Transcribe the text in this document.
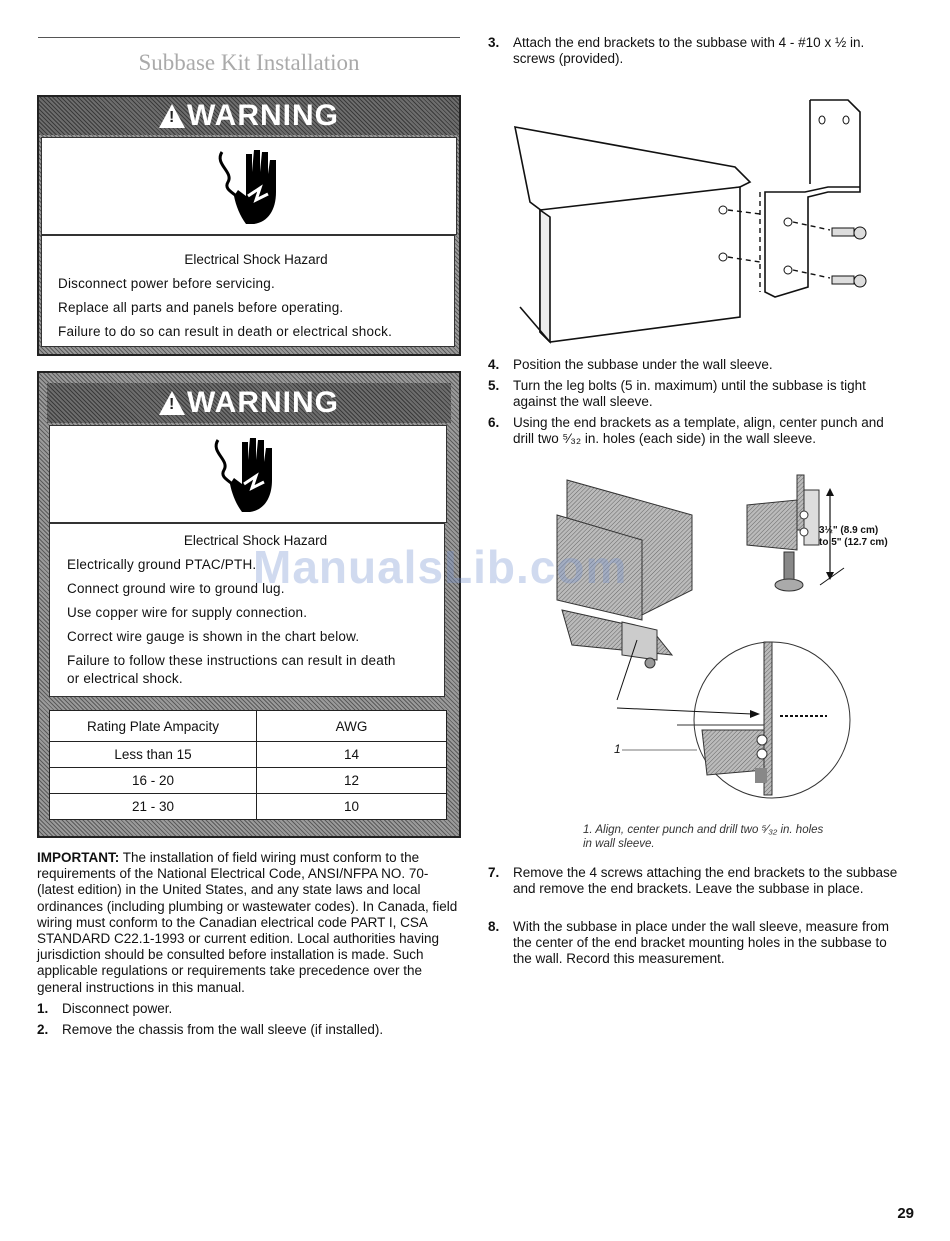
Subbase Kit Installation
! WARNING
Electrical Shock Hazard
Disconnect power before servicing.
Replace all parts and panels before operating.
Failure to do so can result in death or electrical shock.
! WARNING
Electrical Shock Hazard
Electrically ground PTAC/PTH.
Connect ground wire to ground lug.
Use copper wire for supply connection.
Correct wire gauge is shown in the chart below.
Failure to follow these instructions can result in death or electrical shock.
Rating Plate Ampacity	AWG
Less than 15	14
16 - 20	12
21 - 30	10
IMPORTANT: The installation of field wiring must conform to the requirements of the National Electrical Code, ANSI/NFPA NO. 70-(latest edition) in the United States, and any state laws and local ordinances (including plumbing or wastewater codes). In Canada, field wiring must conform to the Canadian electrical code PART I, CSA STANDARD C22.1-1993 or current edition. Local authorities having jurisdiction should be consulted before installation is made. Such applicable regulations or requirements take precedence over the general instructions in this manual.
1. Disconnect power.
2. Remove the chassis from the wall sleeve (if installed).
3. Attach the end brackets to the subbase with 4 - #10 x ½ in. screws (provided).
4. Position the subbase under the wall sleeve.
5. Turn the leg bolts (5 in. maximum) until the subbase is tight against the wall sleeve.
6. Using the end brackets as a template, align, center punch and drill two ⁵⁄₃₂ in. holes (each side) in the wall sleeve.
1
3½" (8.9 cm)
to 5" (12.7 cm)
1. Align, center punch and drill two ⁵⁄₃₂ in. holes in wall sleeve.
7. Remove the 4 screws attaching the end brackets to the subbase and remove the end brackets. Leave the subbase in place.
8. With the subbase in place under the wall sleeve, measure from the center of the end bracket mounting holes in the subbase to the wall. Record this measurement.
ManualsLib.com
29
